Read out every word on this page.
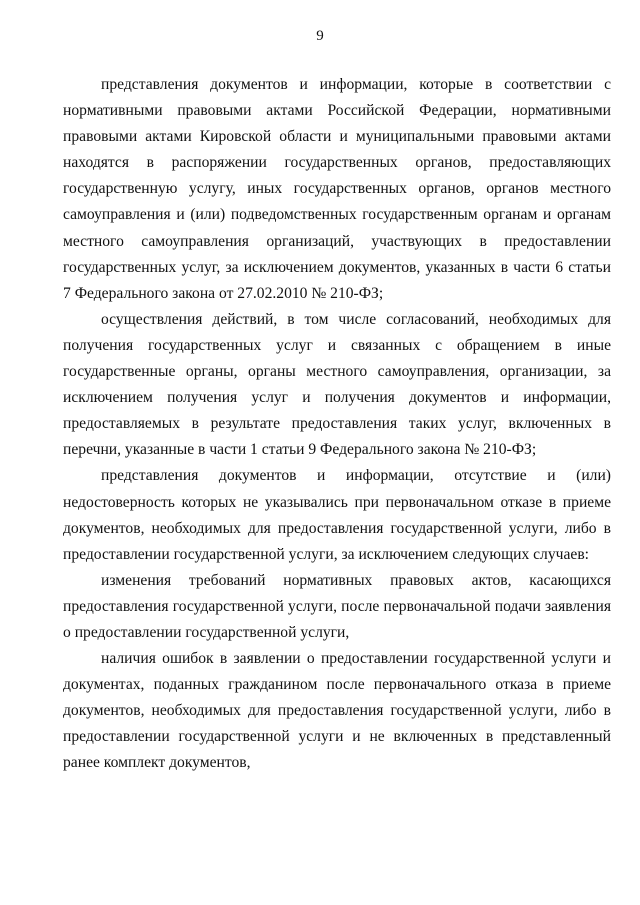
9

представления документов и информации, которые в соответствии с нормативными правовыми актами Российской Федерации, нормативными правовыми актами Кировской области и муниципальными правовыми актами находятся в распоряжении государственных органов, предоставляющих государственную услугу, иных государственных органов, органов местного самоуправления и (или) подведомственных государственным органам и органам местного самоуправления организаций, участвующих в предоставлении государственных услуг, за исключением документов, указанных в части 6 статьи 7 Федерального закона от 27.02.2010 № 210-ФЗ;

осуществления действий, в том числе согласований, необходимых для получения государственных услуг и связанных с обращением в иные государственные органы, органы местного самоуправления, организации, за исключением получения услуг и получения документов и информации, предоставляемых в результате предоставления таких услуг, включенных в перечни, указанные в части 1 статьи 9 Федерального закона № 210-ФЗ;

представления документов и информации, отсутствие и (или) недостоверность которых не указывались при первоначальном отказе в приеме документов, необходимых для предоставления государственной услуги, либо в предоставлении государственной услуги, за исключением следующих случаев:

изменения требований нормативных правовых актов, касающихся предоставления государственной услуги, после первоначальной подачи заявления о предоставлении государственной услуги,

наличия ошибок в заявлении о предоставлении государственной услуги и документах, поданных гражданином после первоначального отказа в приеме документов, необходимых для предоставления государственной услуги, либо в предоставлении государственной услуги и не включенных в представленный ранее комплект документов,
